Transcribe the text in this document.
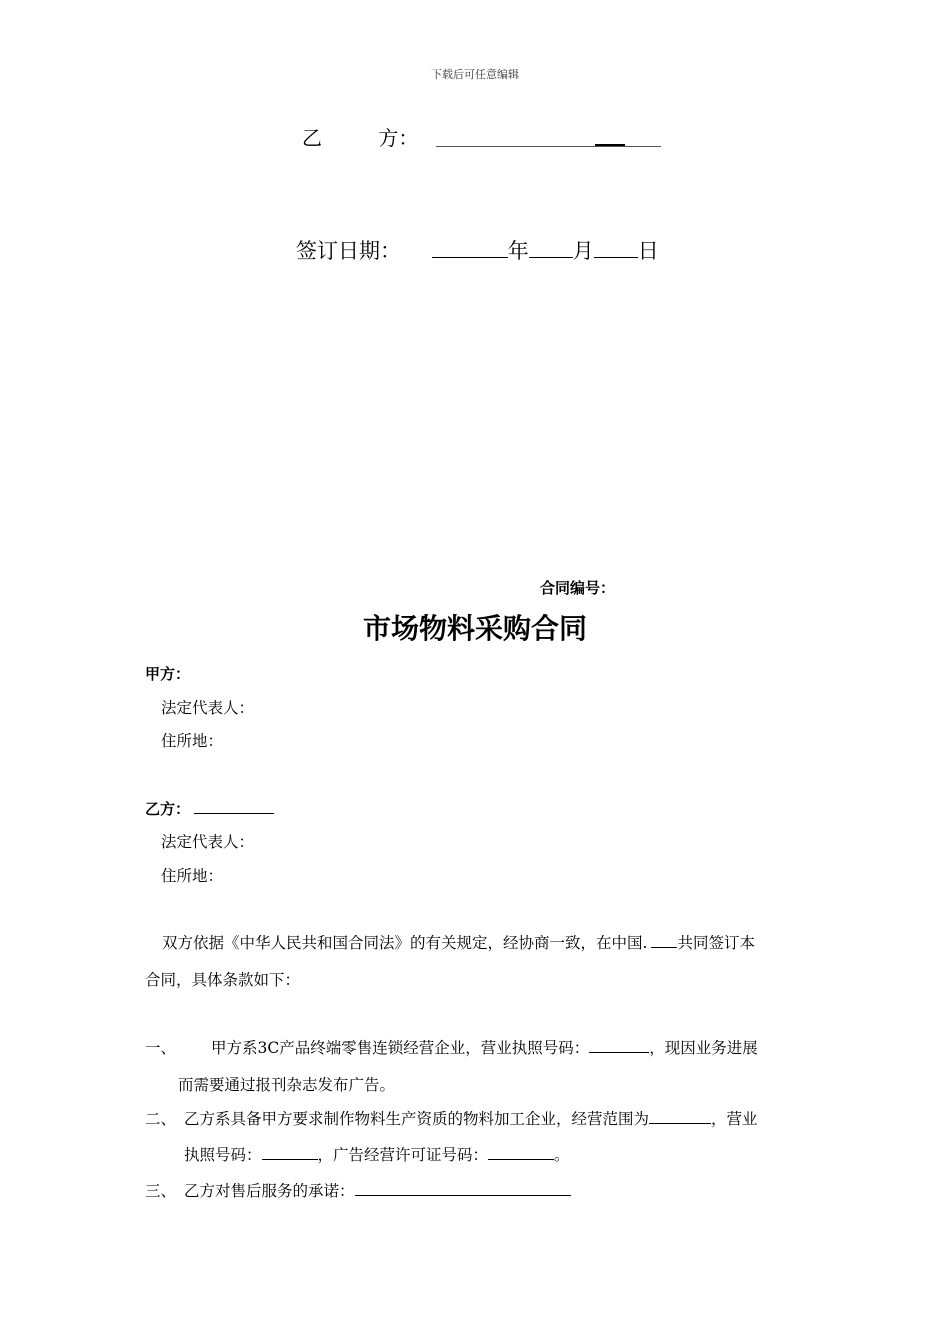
下载后可任意编辑
乙	方：
签订日期：	年 月 日
合同编号：
市场物料采购合同
甲方：
法定代表人：
住所地：
乙方：
法定代表人：
住所地：
双方依据《中华人民共和国合同法》的有关规定，经协商一致，在中国. 共同签订本
合同，具体条款如下：
一、 甲方系3C产品终端零售连锁经营企业，营业执照号码：	，现因业务进展
而需要通过报刊杂志发布广告。
二、 乙方系具备甲方要求制作物料生产资质的物料加工企业，经营范围为	，营业
执照号码：	，广告经营许可证号码：	。
三、 乙方对售后服务的承诺：
